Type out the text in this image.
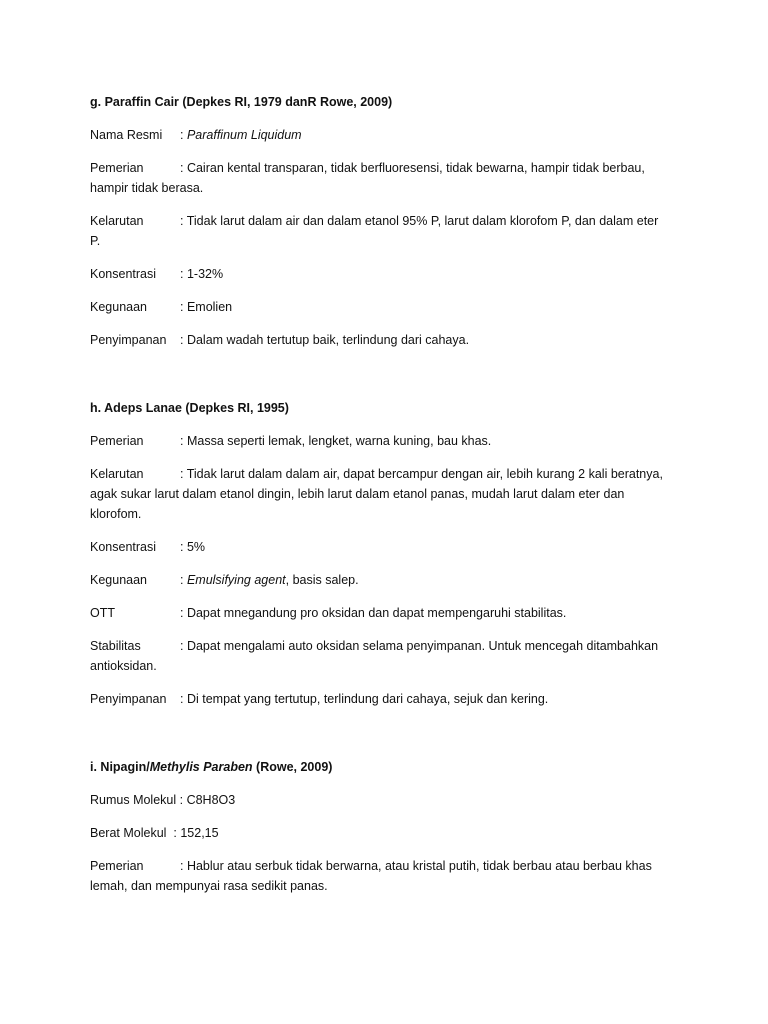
g. Paraffin Cair (Depkes RI, 1979 danR Rowe, 2009)
Nama Resmi : Paraffinum Liquidum
Pemerian	: Cairan kental transparan, tidak berfluoresensi, tidak bewarna, hampir tidak berbau,
hampir tidak berasa.
Kelarutan	: Tidak larut dalam air dan dalam etanol 95% P, larut dalam klorofom P, dan dalam eter
P.
Konsentrasi : 1-32%
Kegunaan	: Emolien
Penyimpanan : Dalam wadah tertutup baik, terlindung dari cahaya.
h. Adeps Lanae (Depkes RI, 1995)
Pemerian	: Massa seperti lemak, lengket, warna kuning, bau khas.
Kelarutan	: Tidak larut dalam dalam air, dapat bercampur dengan air, lebih kurang 2 kali beratnya,
agak sukar larut dalam etanol dingin, lebih larut dalam etanol panas, mudah larut dalam eter dan
klorofom.
Konsentrasi : 5%
Kegunaan	: Emulsifying agent, basis salep.
OTT	: Dapat mnegandung pro oksidan dan dapat mempengaruhi stabilitas.
Stabilitas	: Dapat mengalami auto oksidan selama penyimpanan. Untuk mencegah ditambahkan
antioksidan.
Penyimpanan : Di tempat yang tertutup, terlindung dari cahaya, sejuk dan kering.
i. Nipagin/Methylis Paraben (Rowe, 2009)
Rumus Molekul : C8H8O3
Berat Molekul  : 152,15
Pemerian	: Hablur atau serbuk tidak berwarna, atau kristal putih, tidak berbau atau berbau khas
lemah, dan mempunyai rasa sedikit panas.
